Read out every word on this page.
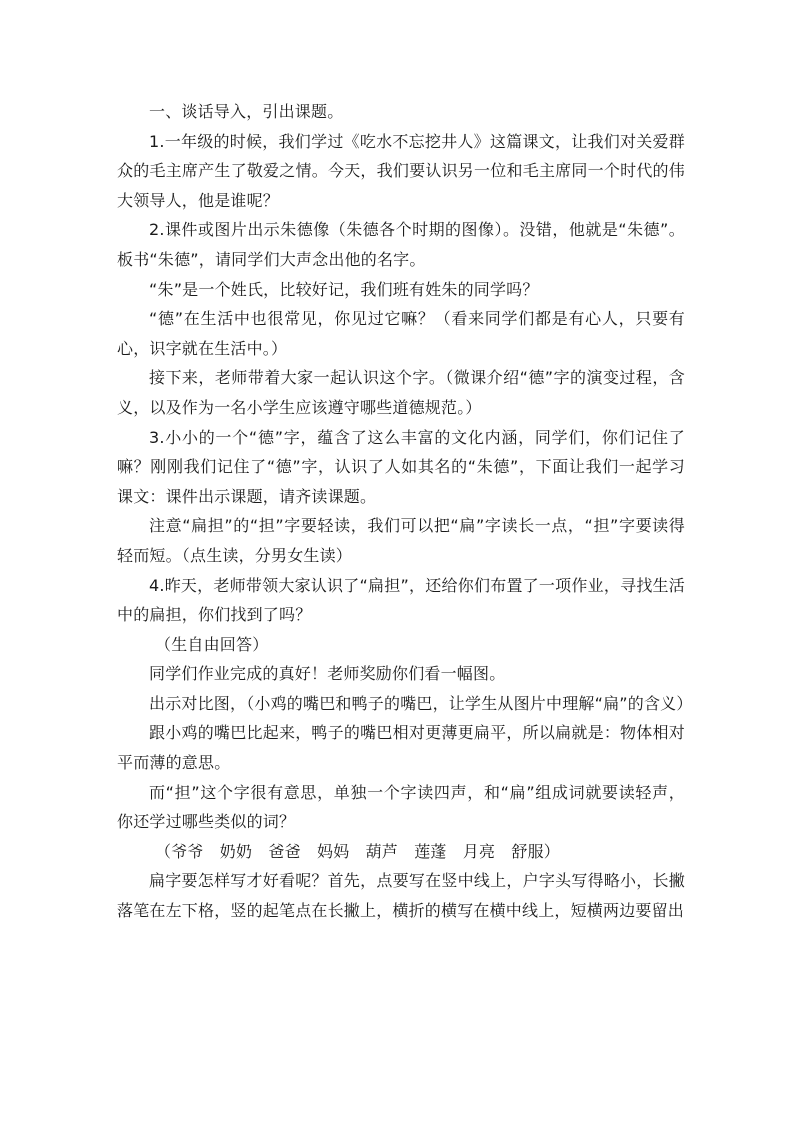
一、谈话导入，引出课题。

1.一年级的时候，我们学过《吃水不忘挖井人》这篇课文，让我们对关爱群众的毛主席产生了敬爱之情。今天，我们要认识另一位和毛主席同一个时代的伟大领导人，他是谁呢？

2.课件或图片出示朱德像（朱德各个时期的图像）。没错，他就是“朱德”。板书“朱德”，请同学们大声念出他的名字。

“朱”是一个姓氏，比较好记，我们班有姓朱的同学吗？

“德”在生活中也很常见，你见过它嘛？（看来同学们都是有心人，只要有心，识字就在生活中。）

接下来，老师带着大家一起认识这个字。（微课介绍“德”字的演变过程，含义，以及作为一名小学生应该遵守哪些道德规范。）

3.小小的一个“德”字，蕴含了这么丰富的文化内涵，同学们，你们记住了嘛？刚刚我们记住了“德”字，认识了人如其名的“朱德”，下面让我们一起学习课文：课件出示课题，请齐读课题。

注意“扁担”的“担”字要轻读，我们可以把“扁”字读长一点，“担”字要读得轻而短。（点生读，分男女生读）

4.昨天，老师带领大家认识了“扁担”，还给你们布置了一项作业，寻找生活中的扁担，你们找到了吗？

（生自由回答）

同学们作业完成的真好！老师奖励你们看一幅图。

出示对比图，（小鸡的嘴巴和鸭子的嘴巴，让学生从图片中理解“扁”的含义）

跟小鸡的嘴巴比起来，鸭子的嘴巴相对更薄更扁平，所以扁就是：物体相对平而薄的意思。

而“担”这个字很有意思，单独一个字读四声，和“扁”组成词就要读轻声，你还学过哪些类似的词？

（爷爷　奶奶　爸爸　妈妈　葫芦　莲蓬　月亮　舒服）

扁字要怎样写才好看呢？首先，点要写在竖中线上，户字头写得略小，长撇落笔在左下格，竖的起笔点在长撇上，横折的横写在横中线上，短横两边要留出
